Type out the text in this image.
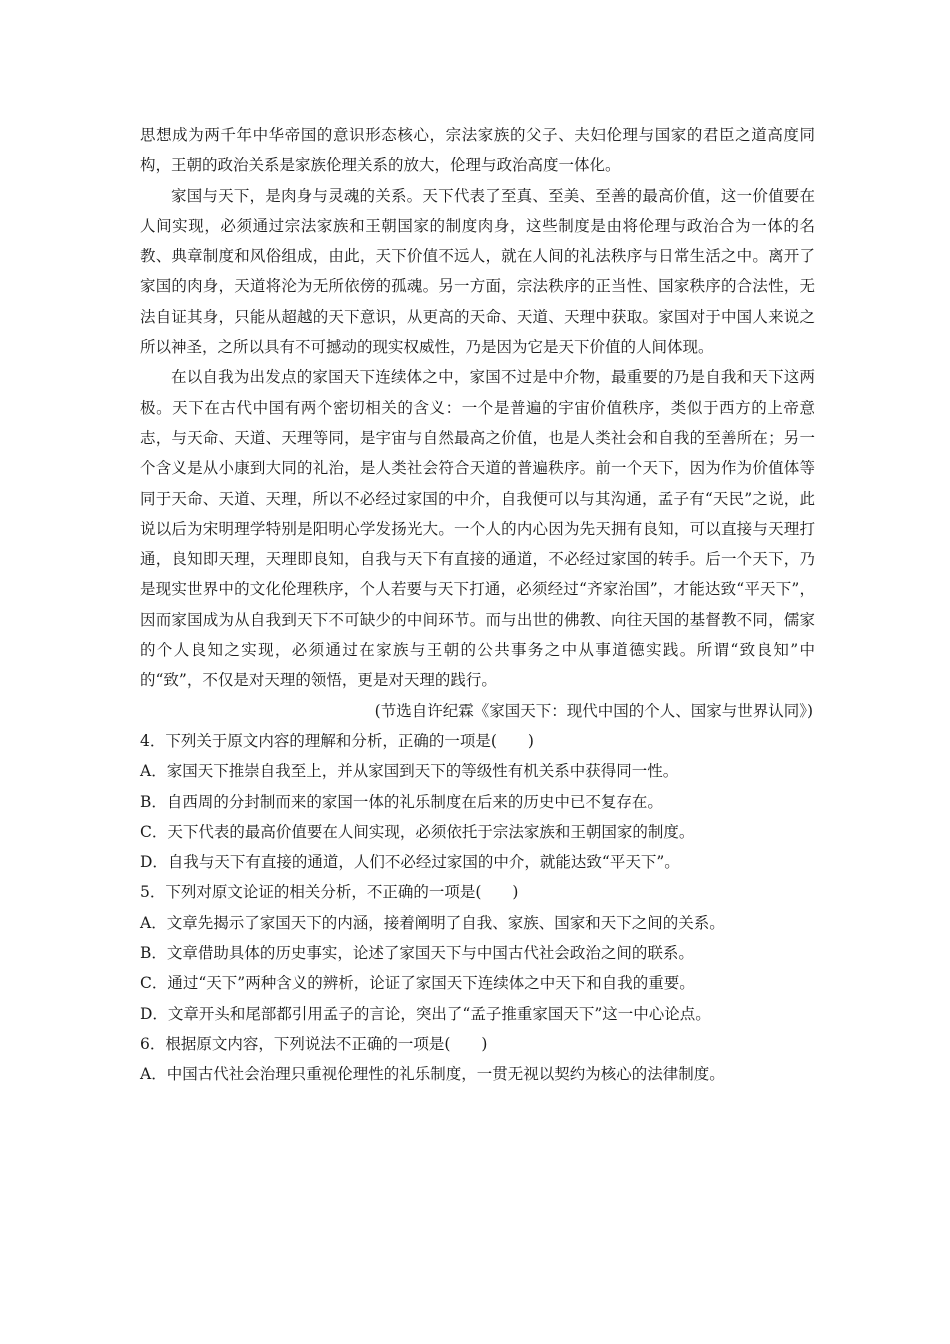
思想成为两千年中华帝国的意识形态核心，宗法家族的父子、夫妇伦理与国家的君臣之道高度同构，王朝的政治关系是家族伦理关系的放大，伦理与政治高度一体化。

家国与天下，是肉身与灵魂的关系。天下代表了至真、至美、至善的最高价值，这一价值要在人间实现，必须通过宗法家族和王朝国家的制度肉身，这些制度是由将伦理与政治合为一体的名教、典章制度和风俗组成，由此，天下价值不远人，就在人间的礼法秩序与日常生活之中。离开了家国的肉身，天道将沦为无所依傍的孤魂。另一方面，宗法秩序的正当性、国家秩序的合法性，无法自证其身，只能从超越的天下意识，从更高的天命、天道、天理中获取。家国对于中国人来说之所以神圣，之所以具有不可撼动的现实权威性，乃是因为它是天下价值的人间体现。

在以自我为出发点的家国天下连续体之中，家国不过是中介物，最重要的乃是自我和天下这两极。天下在古代中国有两个密切相关的含义：一个是普遍的宇宙价值秩序，类似于西方的上帝意志，与天命、天道、天理等同，是宇宙与自然最高之价值，也是人类社会和自我的至善所在；另一个含义是从小康到大同的礼治，是人类社会符合天道的普遍秩序。前一个天下，因为作为价值体等同于天命、天道、天理，所以不必经过家国的中介，自我便可以与其沟通，孟子有“天民”之说，此说以后为宋明理学特别是阳明心学发扬光大。一个人的内心因为先天拥有良知，可以直接与天理打通，良知即天理，天理即良知，自我与天下有直接的通道，不必经过家国的转手。后一个天下，乃是现实世界中的文化伦理秩序，个人若要与天下打通，必须经过“齐家治国”，才能达致“平天下”，因而家国成为从自我到天下不可缺少的中间环节。而与出世的佛教、向往天国的基督教不同，儒家的个人良知之实现，必须通过在家族与王朝的公共事务之中从事道德实践。所谓“致良知”中的“致”，不仅是对天理的领悟，更是对天理的践行。

(节选自许纪霖《家国天下：现代中国的个人、国家与世界认同》)

4．下列关于原文内容的理解和分析，正确的一项是(　　)

A．家国天下推崇自我至上，并从家国到天下的等级性有机关系中获得同一性。

B．自西周的分封制而来的家国一体的礼乐制度在后来的历史中已不复存在。

C．天下代表的最高价值要在人间实现，必须依托于宗法家族和王朝国家的制度。

D．自我与天下有直接的通道，人们不必经过家国的中介，就能达致“平天下”。

5．下列对原文论证的相关分析，不正确的一项是(　　)

A．文章先揭示了家国天下的内涵，接着阐明了自我、家族、国家和天下之间的关系。

B．文章借助具体的历史事实，论述了家国天下与中国古代社会政治之间的联系。

C．通过“天下”两种含义的辨析，论证了家国天下连续体之中天下和自我的重要。

D．文章开头和尾部都引用孟子的言论，突出了“孟子推重家国天下”这一中心论点。

6．根据原文内容，下列说法不正确的一项是(　　)

A．中国古代社会治理只重视伦理性的礼乐制度，一贯无视以契约为核心的法律制度。
